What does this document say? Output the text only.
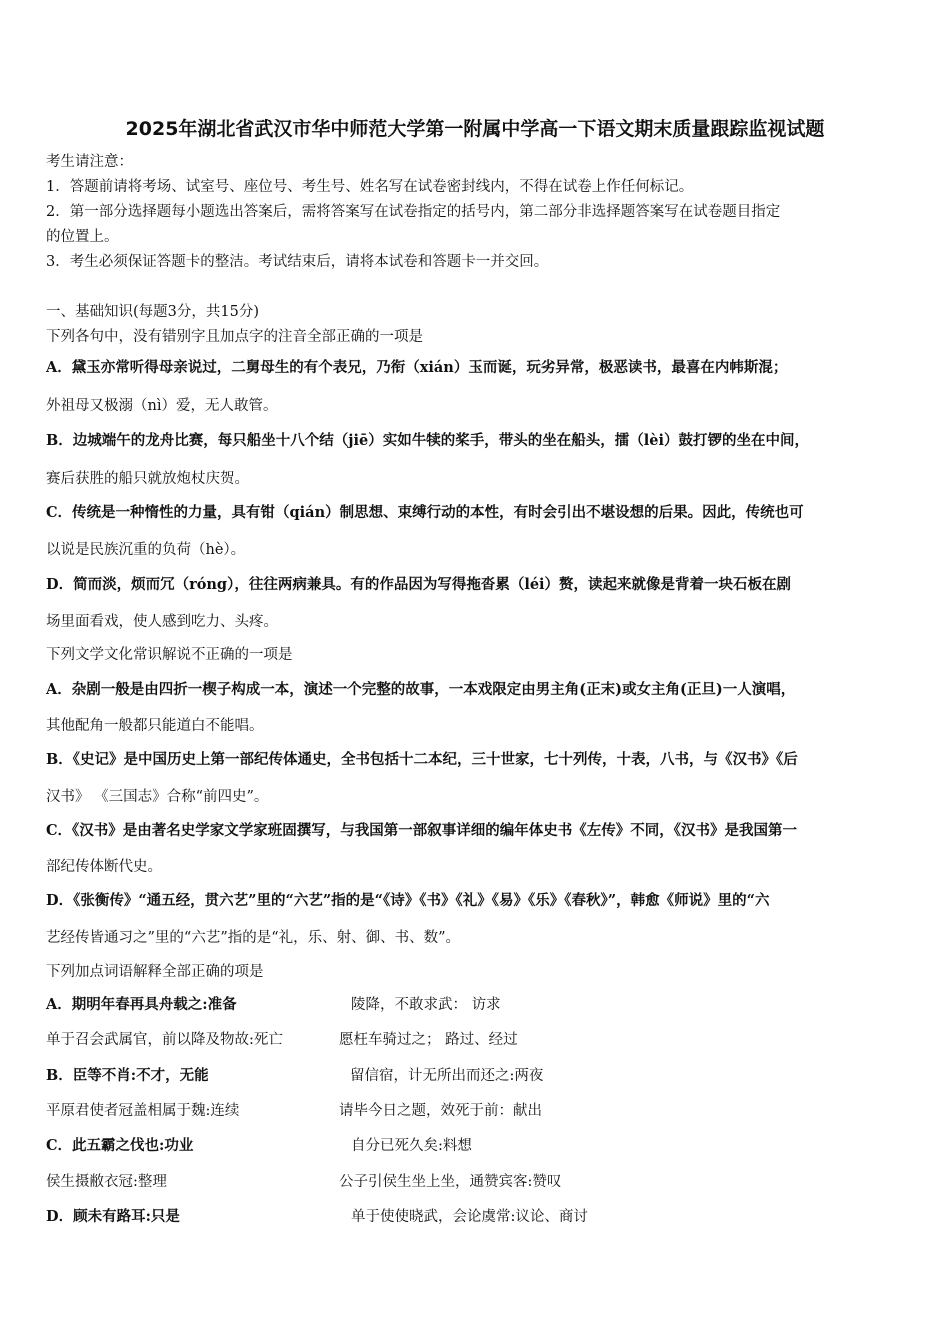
2025年湖北省武汉市华中师范大学第一附属中学高一下语文期末质量跟踪监视试题
考生请注意：
1．答题前请将考场、试室号、座位号、考生号、姓名写在试卷密封线内，不得在试卷上作任何标记。
2．第一部分选择题每小题选出答案后，需将答案写在试卷指定的括号内，第二部分非选择题答案写在试卷题目指定
的位置上。
3．考生必须保证答题卡的整洁。考试结束后，请将本试卷和答题卡一并交回。
一、基础知识(每题3分，共15分)
下列各句中，没有错别字且加点字的注音全部正确的一项是
A．黛玉亦常听得母亲说过，二舅母生的有个表兄，乃衔（xián）玉而诞，玩劣异常，极恶读书，最喜在内帏斯混；
外祖母又极溺（nì）爱，无人敢管。
B．边城端午的龙舟比赛，每只船坐十八个结（jiē）实如牛犊的桨手，带头的坐在船头，擂（lèi）鼓打锣的坐在中间，
赛后获胜的船只就放炮杖庆贺。
C．传统是一种惰性的力量，具有钳（qián）制思想、束缚行动的本性，有时会引出不堪设想的后果。因此，传统也可
以说是民族沉重的负荷（hè）。
D．简而淡，烦而冗（róng），往往两病兼具。有的作品因为写得拖沓累（léi）赘，读起来就像是背着一块石板在剧
场里面看戏，使人感到吃力、头疼。
下列文学文化常识解说不正确的一项是
A．杂剧一般是由四折一楔子构成一本，演述一个完整的故事，一本戏限定由男主角(正末)或女主角(正旦)一人演唱，
其他配角一般都只能道白不能唱。
B．《史记》是中国历史上第一部纪传体通史，全书包括十二本纪，三十世家，七十列传，十表，八书，与《汉书》《后
汉书》 《三国志》合称“前四史”。
C．《汉书》是由著名史学家文学家班固撰写，与我国第一部叙事详细的编年体史书《左传》不同，《汉书》是我国第一
部纪传体断代史。
D．《张衡传》“通五经，贯六艺”里的“六艺”指的是“《诗》《书》《礼》《易》《乐》《春秋》”，韩愈《师说》里的“六
艺经传皆通习之”里的“六艺”指的是“礼，乐、射、御、书、数”。
下列加点词语解释全部正确的项是
A．期明年春再具舟载之:准备	陵降，不敢求武： 访求
单于召会武属官，前以降及物故:死亡	愿枉车骑过之； 路过、经过
B．臣等不肖:不才，无能	留信宿，计无所出而还之:两夜
平原君使者冠盖相属于魏:连续	请毕今日之题，效死于前：献出
C．此五霸之伐也:功业	自分已死久矣:料想
侯生摄敝衣冠:整理	公子引侯生坐上坐，通赞宾客:赞叹
D．顾未有路耳:只是	单于使使晓武，会论虞常:议论、商讨
